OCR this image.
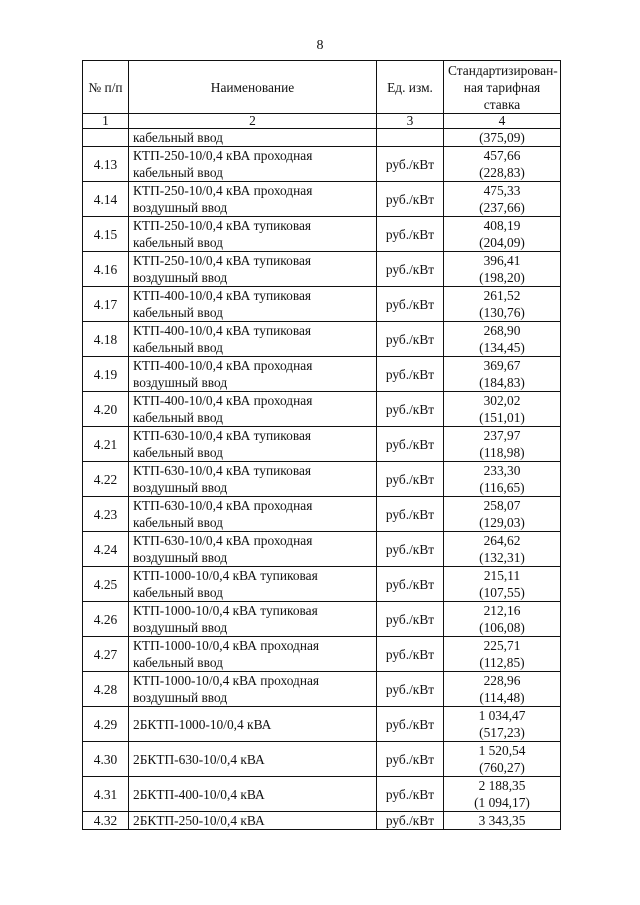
8
№ п/п	Наименование	Ед. изм.	Стандартизирован-ная тарифная ставка
1	2	3	4
	кабельный ввод		(375,09)
4.13	КТП-250-10/0,4 кВА проходная кабельный ввод	руб./кВт	457,66
(228,83)

4.14	КТП-250-10/0,4 кВА проходная воздушный ввод	руб./кВт	475,33
(237,66)

4.15	КТП-250-10/0,4 кВА тупиковая кабельный ввод	руб./кВт	408,19
(204,09)

4.16	КТП-250-10/0,4 кВА тупиковая воздушный ввод	руб./кВт	396,41
(198,20)

4.17	КТП-400-10/0,4 кВА тупиковая кабельный ввод	руб./кВт	261,52
(130,76)

4.18	КТП-400-10/0,4 кВА тупиковая кабельный ввод	руб./кВт	268,90
(134,45)

4.19	КТП-400-10/0,4 кВА проходная воздушный ввод	руб./кВт	369,67
(184,83)

4.20	КТП-400-10/0,4 кВА проходная кабельный ввод	руб./кВт	302,02
(151,01)

4.21	КТП-630-10/0,4 кВА тупиковая кабельный ввод	руб./кВт	237,97
(118,98)

4.22	КТП-630-10/0,4 кВА тупиковая воздушный ввод	руб./кВт	233,30
(116,65)

4.23	КТП-630-10/0,4 кВА проходная кабельный ввод	руб./кВт	258,07
(129,03)

4.24	КТП-630-10/0,4 кВА проходная воздушный ввод	руб./кВт	264,62
(132,31)

4.25	КТП-1000-10/0,4 кВА тупиковая кабельный ввод	руб./кВт	215,11
(107,55)

4.26	КТП-1000-10/0,4 кВА тупиковая воздушный ввод	руб./кВт	212,16
(106,08)

4.27	КТП-1000-10/0,4 кВА проходная кабельный ввод	руб./кВт	225,71
(112,85)

4.28	КТП-1000-10/0,4 кВА проходная воздушный ввод	руб./кВт	228,96
(114,48)

4.29	2БКТП-1000-10/0,4 кВА	руб./кВт	1 034,47
(517,23)

4.30	2БКТП-630-10/0,4 кВА	руб./кВт	1 520,54
(760,27)

4.31	2БКТП-400-10/0,4 кВА	руб./кВт	2 188,35
(1 094,17)

4.32	2БКТП-250-10/0,4 кВА	руб./кВт	3 343,35
